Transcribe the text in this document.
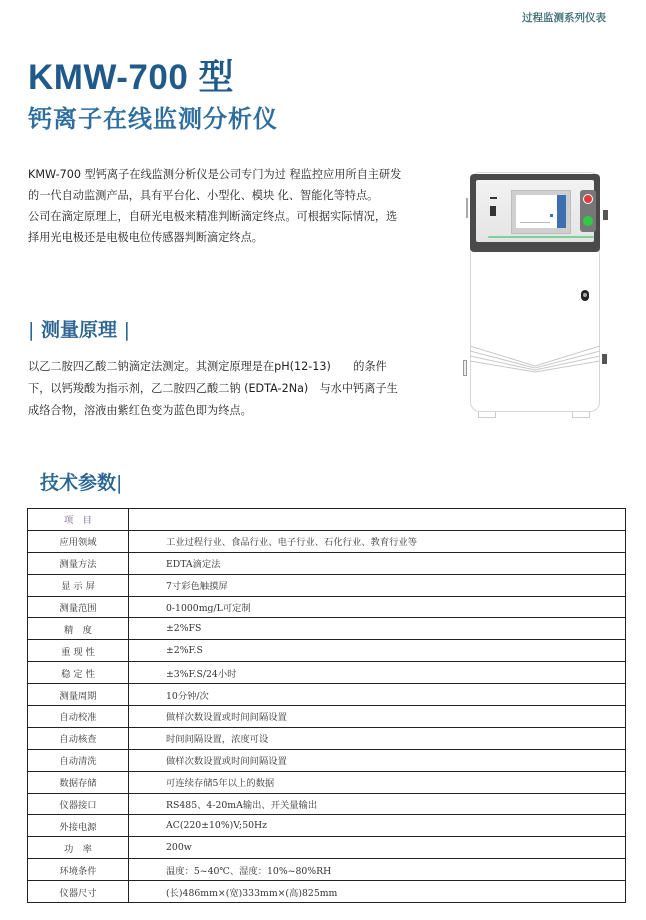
过程监测系列仪表
KMW-700 型
钙离子在线监测分析仪

KMW-700 型钙离子在线监测分析仪是公司专门为过 程监控应用所自主研发的一代自动监测产品，具有平台化、小型化、模块 化、智能化等特点。

公司在滴定原理上，自研光电极来精准判断滴定终点。可根据实际情况，选择用光电极还是电极电位传感器判断滴定终点。

| 测量原理 |
以乙二胺四乙酸二钠滴定法测定。其测定原理是在pH(12-13)　　的条件下，以钙羧酸为指示剂，乙二胺四乙酸二钠 (EDTA-2Na)　与水中钙离子生成络合物，溶液由紫红色变为蓝色即为终点。
技术参数|
项　目	
应用领域	工业过程行业、食品行业、电子行业、石化行业、教育行业等
测量方法	EDTA滴定法
显 示 屏	7寸彩色触摸屏
测量范围	0-1000mg/L可定制
精　度	±2%FS
重 现 性	±2%F.S
稳 定 性	±3%F.S/24小时
测量周期	10分钟/次
自动校准	做样次数设置或时间间隔设置
自动核查	时间间隔设置，浓度可设
自动清洗	做样次数设置或时间间隔设置
数据存储	可连续存储5年以上的数据
仪器接口	RS485、4-20mA输出、开关量输出
外接电源	AC(220±10%)V;50Hz
功　率	200w
环境条件	温度：5~40℃、湿度：10%~80%RH
仪器尺寸	(长)486mm×(宽)333mm×(高)825mm
